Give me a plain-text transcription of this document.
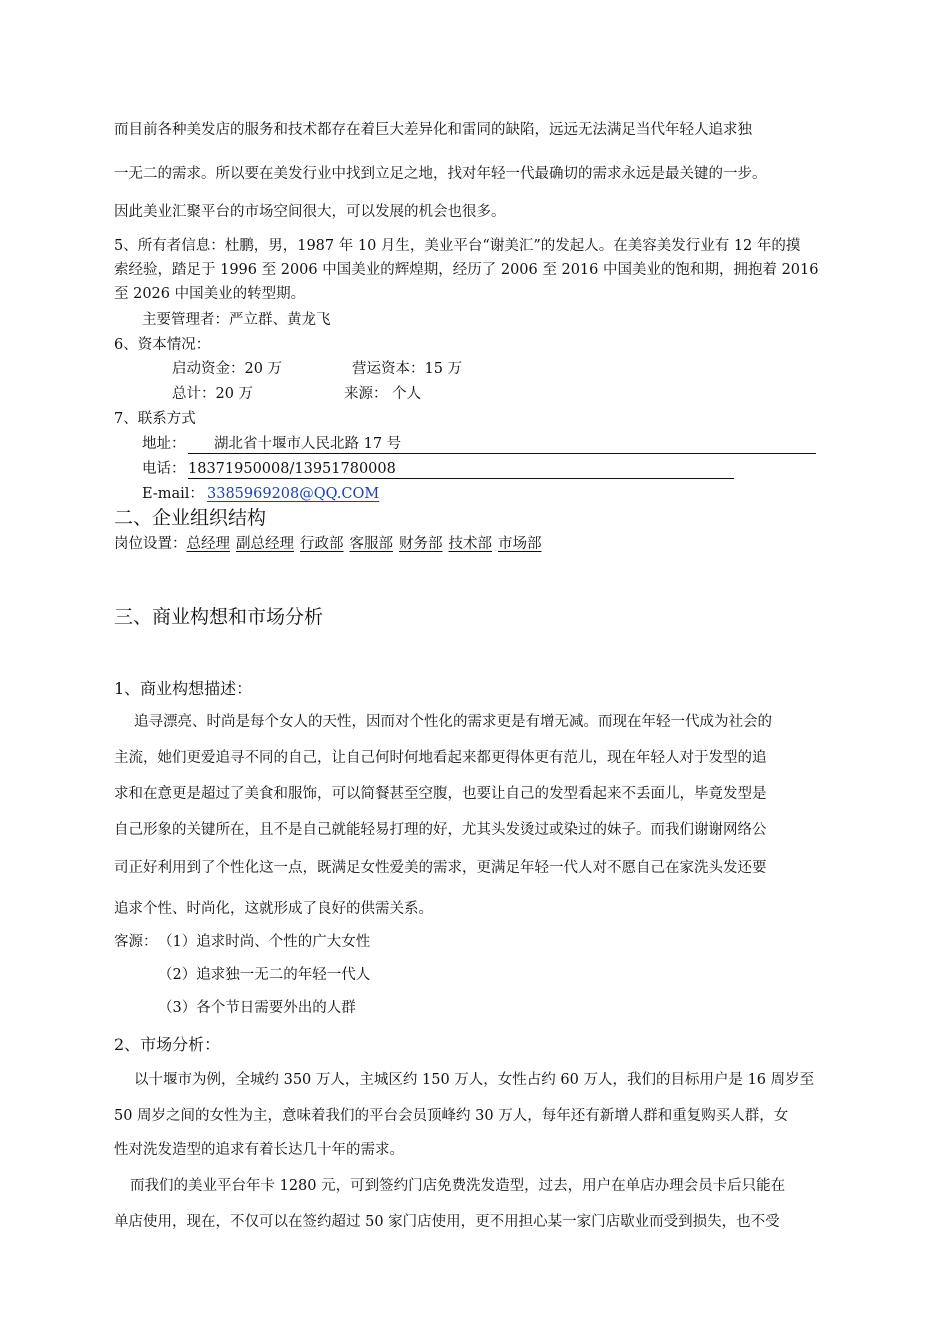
而目前各种美发店的服务和技术都存在着巨大差异化和雷同的缺陷，远远无法满足当代年轻人追求独
一无二的需求。所以要在美发行业中找到立足之地，找对年轻一代最确切的需求永远是最关键的一步。
因此美业汇聚平台的市场空间很大，可以发展的机会也很多。
5、所有者信息：杜鹏，男，1987 年 10 月生，美业平台“谢美汇”的发起人。在美容美发行业有 12 年的摸
索经验，踏足于 1996 至 2006 中国美业的辉煌期，经历了 2006 至 2016 中国美业的饱和期，拥抱着 2016
至 2026 中国美业的转型期。
主要管理者：严立群、黄龙飞
6、资本情况：
启动资金：20 万	营运资本：15 万
总计：20 万	来源： 个人
7、联系方式
地址： 湖北省十堰市人民北路 17 号
电话： 18371950008/13951780008
E-mail： 3385969208@QQ.COM
二、企业组织结构
岗位设置：总经理 副总经理 行政部 客服部 财务部 技术部 市场部
三、商业构想和市场分析
1、商业构想描述：
追寻漂亮、时尚是每个女人的天性，因而对个性化的需求更是有增无减。而现在年轻一代成为社会的
主流，她们更爱追寻不同的自己，让自己何时何地看起来都更得体更有范儿，现在年轻人对于发型的追
求和在意更是超过了美食和服饰，可以简餐甚至空腹，也要让自己的发型看起来不丢面儿，毕竟发型是
自己形象的关键所在，且不是自己就能轻易打理的好，尤其头发烫过或染过的妹子。而我们谢谢网络公
司正好利用到了个性化这一点，既满足女性爱美的需求，更满足年轻一代人对不愿自己在家洗头发还要
追求个性、时尚化，这就形成了良好的供需关系。
客源： （1）追求时尚、个性的广大女性
（2）追求独一无二的年轻一代人
（3）各个节日需要外出的人群
2、市场分析：
以十堰市为例，全城约 350 万人，主城区约 150 万人，女性占约 60 万人，我们的目标用户是 16 周岁至
50 周岁之间的女性为主，意味着我们的平台会员顶峰约 30 万人，每年还有新增人群和重复购买人群，女
性对洗发造型的追求有着长达几十年的需求。
而我们的美业平台年卡 1280 元，可到签约门店免费洗发造型，过去，用户在单店办理会员卡后只能在
单店使用，现在，不仅可以在签约超过 50 家门店使用，更不用担心某一家门店歇业而受到损失，也不受
